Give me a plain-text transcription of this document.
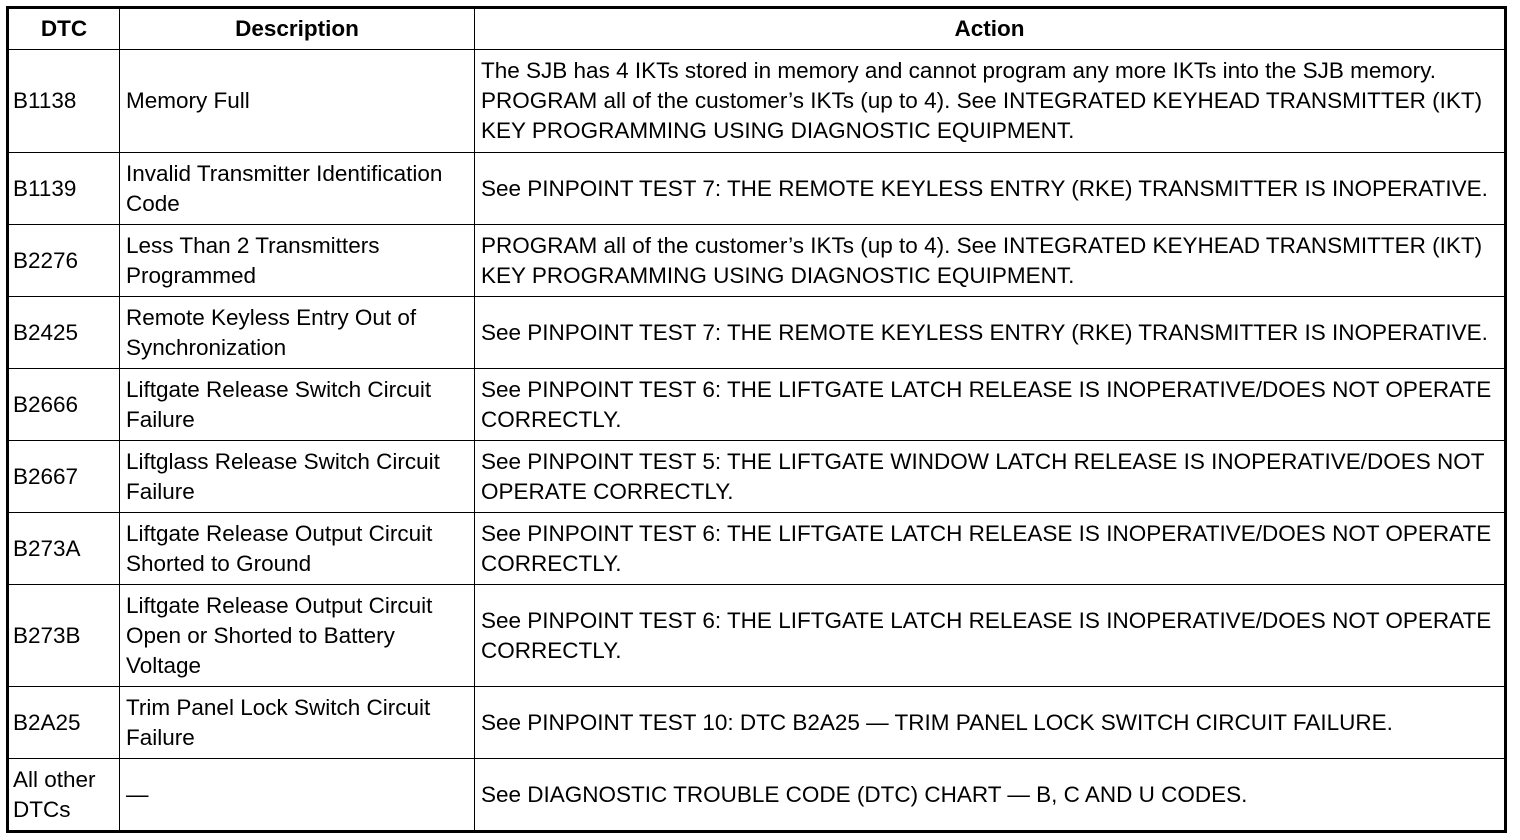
DTC	Description	Action
B1138	Memory Full	The SJB has 4 IKTs stored in memory and cannot program any more IKTs into the SJB memory. PROGRAM all of the customer’s IKTs (up to 4). See INTEGRATED KEYHEAD TRANSMITTER (IKT) KEY PROGRAMMING USING DIAGNOSTIC EQUIPMENT.
B1139	Invalid Transmitter Identification Code	See PINPOINT TEST 7: THE REMOTE KEYLESS ENTRY (RKE) TRANSMITTER IS INOPERATIVE.
B2276	Less Than 2 Transmitters Programmed	PROGRAM all of the customer’s IKTs (up to 4). See INTEGRATED KEYHEAD TRANSMITTER (IKT) KEY PROGRAMMING USING DIAGNOSTIC EQUIPMENT.
B2425	Remote Keyless Entry Out of Synchronization	See PINPOINT TEST 7: THE REMOTE KEYLESS ENTRY (RKE) TRANSMITTER IS INOPERATIVE.
B2666	Liftgate Release Switch Circuit Failure	See PINPOINT TEST 6: THE LIFTGATE LATCH RELEASE IS INOPERATIVE/DOES NOT OPERATE CORRECTLY.
B2667	Liftglass Release Switch Circuit Failure	See PINPOINT TEST 5: THE LIFTGATE WINDOW LATCH RELEASE IS INOPERATIVE/DOES NOT OPERATE CORRECTLY.
B273A	Liftgate Release Output Circuit Shorted to Ground	See PINPOINT TEST 6: THE LIFTGATE LATCH RELEASE IS INOPERATIVE/DOES NOT OPERATE CORRECTLY.
B273B	Liftgate Release Output Circuit Open or Shorted to Battery Voltage	See PINPOINT TEST 6: THE LIFTGATE LATCH RELEASE IS INOPERATIVE/DOES NOT OPERATE CORRECTLY.
B2A25	Trim Panel Lock Switch Circuit Failure	See PINPOINT TEST 10: DTC B2A25 — TRIM PANEL LOCK SWITCH CIRCUIT FAILURE.
All other DTCs	—	See DIAGNOSTIC TROUBLE CODE (DTC) CHART — B, C AND U CODES.
